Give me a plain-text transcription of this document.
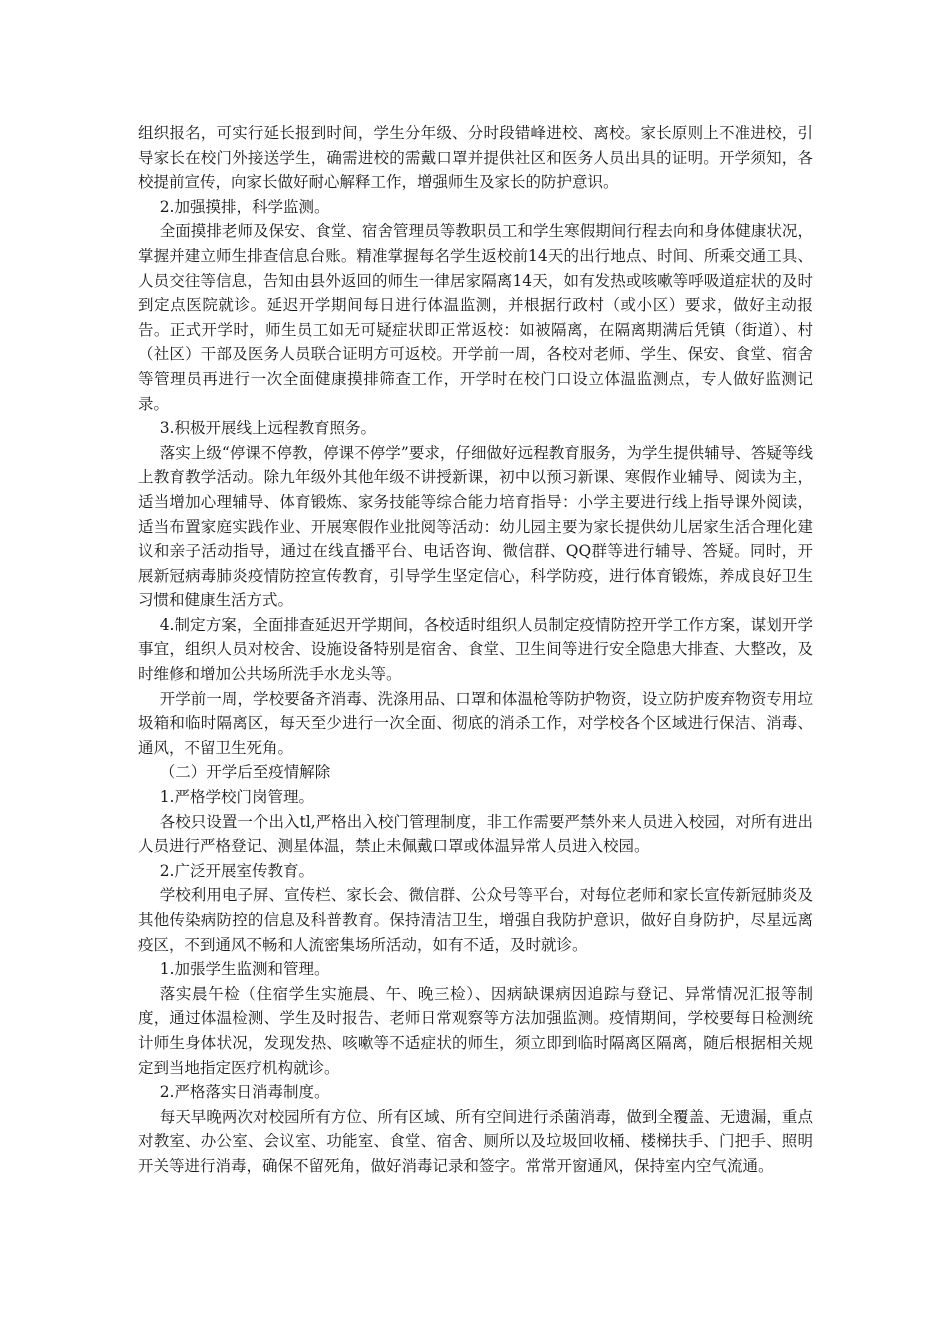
组织报名，可实行延长报到时间，学生分年级、分时段错峰进校、离校。家长原则上不准进校，引导家长在校门外接送学生，确需进校的需戴口罩并提供社区和医务人员出具的证明。开学须知，各校提前宣传，向家长做好耐心解释工作，增强师生及家长的防护意识。

2.加强摸排，科学监测。

全面摸排老师及保安、食堂、宿舍管理员等教职员工和学生寒假期间行程去向和身体健康状况，掌握并建立师生排查信息台账。精准掌握每名学生返校前14天的出行地点、时间、所乘交通工具、人员交往等信息，告知由县外返回的师生一律居家隔离14天，如有发热或咳嗽等呼吸道症状的及时到定点医院就诊。延迟开学期间每日进行体温监测，并根据行政村（或小区）要求，做好主动报告。正式开学时，师生员工如无可疑症状即正常返校：如被隔离，在隔离期满后凭镇（街道）、村（社区）干部及医务人员联合证明方可返校。开学前一周，各校对老师、学生、保安、食堂、宿舍等管理员再进行一次全面健康摸排筛查工作，开学时在校门口设立体温监测点，专人做好监测记录。

3.积极开展线上远程教育照务。

落实上级“停课不停教，停课不停学”要求，仔细做好远程教育服务，为学生提供辅导、答疑等线上教育教学活动。除九年级外其他年级不讲授新课，初中以预习新课、寒假作业辅导、阅读为主，适当增加心理辅导、体育锻炼、家务技能等综合能力培育指导：小学主要进行线上指导课外阅读，适当布置家庭实践作业、开展寒假作业批阅等活动：幼儿园主要为家长提供幼儿居家生活合理化建议和亲子活动指导，通过在线直播平台、电话咨询、微信群、QQ群等进行辅导、答疑。同时，开展新冠病毒肺炎疫情防控宣传教育，引导学生坚定信心，科学防疫，进行体育锻炼，养成良好卫生习惯和健康生活方式。

4.制定方案，全面排查延迟开学期间，各校适时组织人员制定疫情防控开学工作方案，谋划开学事宜，组织人员对校舍、设施设备特别是宿舍、食堂、卫生间等进行安全隐患大排查、大整改，及时维修和增加公共场所洗手水龙头等。

开学前一周，学校要备齐消毒、洗涤用品、口罩和体温枪等防护物资，设立防护废弃物资专用垃圾箱和临时隔离区，每天至少进行一次全面、彻底的消杀工作，对学校各个区域进行保洁、消毒、通风，不留卫生死角。

（二）开学后至疫情解除

1.严格学校门岗管理。

各校只设置一个出入tl,严格出入校门管理制度，非工作需要严禁外来人员进入校园，对所有进出人员进行严格登记、测星体温，禁止未佩戴口罩或体温异常人员进入校园。

2.广泛开展室传教育。

学校利用电子屏、宣传栏、家长会、微信群、公众号等平台，对每位老师和家长宣传新冠肺炎及其他传染病防控的信息及科普教育。保持清洁卫生，增强自我防护意识，做好自身防护，尽星远离疫区，不到通风不畅和人流密集场所活动，如有不适，及时就诊。

1.加張学生监测和管理。

落实晨午检（住宿学生实施晨、午、晚三检）、因病缺课病因追踪与登记、异常情况汇报等制度，通过体温检测、学生及时报告、老师日常观察等方法加强监测。疫情期间，学校要每日检测统计师生身体状况，发现发热、咳嗽等不适症状的师生，须立即到临时隔离区隔离，随后根据相关规定到当地指定医疗机构就诊。

2.严格落实日消毒制度。

每天早晚两次对校园所有方位、所有区域、所有空间进行杀菌消毒，做到全覆盖、无遗漏，重点对教室、办公室、会议室、功能室、食堂、宿舍、厕所以及垃圾回收桶、楼梯扶手、门把手、照明开关等进行消毒，确保不留死角，做好消毒记录和签字。常常开窗通风，保持室内空气流通。
